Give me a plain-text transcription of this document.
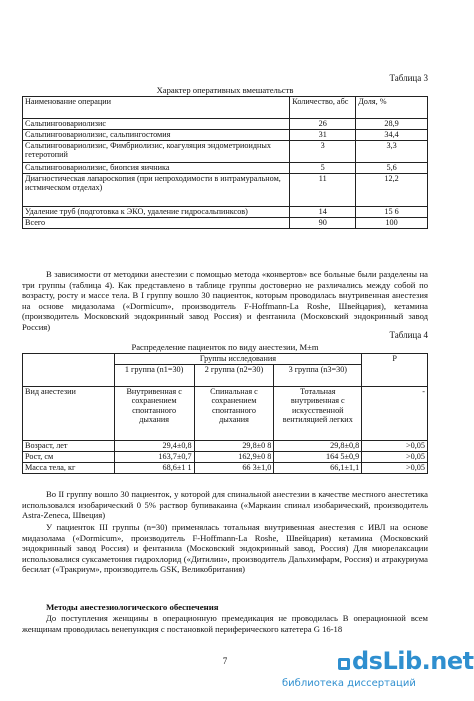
Таблица 3
Характер оперативных вмешательств
Наименование операции	Количество, абс	Доля, %
Сальпингоовариолизис	26	28,9
Сальпингоовариолизис, сальпингостомия	31	34,4
Сальпингоовариолизис, Фимбриолизис, коагуляция эндометриоидных гетеротопий	3	3,3
Сальпингоовариолизис, биопсия яичника	5	5,6
Диагностическая лапароскопия (при непроходимости в интрамуральном, истмическом отделах)	11	12,2
Удаление труб (подготовка к ЭКО, удаление гидросальпинксов)	14	15 6
Всего	90	100

В зависимости от методики анестезии с помощью метода «конвертов» все больные были разделены на три группы (таблица 4). Как представлено в таблице группы достоверно не различались между собой по возрасту, росту и массе тела. В I группу вошло 30 пациенток, которым проводилась внутривенная анестезия на основе мидазолама («Dormicum», производитель F-Hoffmann-La Roshe, Швейцария), кетамина (производитель Московский эндокринный завод Россия) и фентанила (Московский эндокринный завод Россия)

Таблица 4
Распределение пациенток по виду анестезии, M±m
	Группы исследования			P
	1 группа (n1=30)	2 группа (n2=30)	3 группа (n3=30)	
Вид анестезии	Внутривенная с сохранением спонтанного дыхания	Спинальная с сохранением спонтанного дыхания	Тотальная внутривенная с искусственной вентиляцией легких	-
Возраст, лет	29,4±0,8	29,8±0 8	29,8±0,8	>0,05
Рост, см	163,7±0,7	162,9±0 8	164 5±0,9	>0,05
Масса тела, кг	68,6±1 1	66 3±1,0	66,1±1,1	>0,05

Во II группу вошло 30 пациенток, у которой для спинальной анестезии в качестве местного анестетика использовался изобарический 0 5% раствор бупивакаина («Маркаин спинал изобарический, производитель Astra-Zeneca, Швеция)

У пациенток III группы (n=30) применялась тотальная внутривенная анестезия с ИВЛ на основе мидазолама («Dormicum», производитель F-Hoffmann-La Roshe, Швейцария) кетамина (Московский эндокринный завод Россия) и фентанила (Московский эндокринный завод, Россия) Для миорелаксации использовалися суксаметония гидрохлорид («Дитилин», производитель Дальхимфарм, Россия) и атракуриума бесилат («Тракриум», производитель GSK, Великобритания)

Методы анестезиологического обеспечения

До поступления женщины в операционную премедикация не проводилась В операционной всем женщинам проводилась венепункция с постановкой периферического катетера G 16-18

7	dsLib.net
библиотека диссертаций
